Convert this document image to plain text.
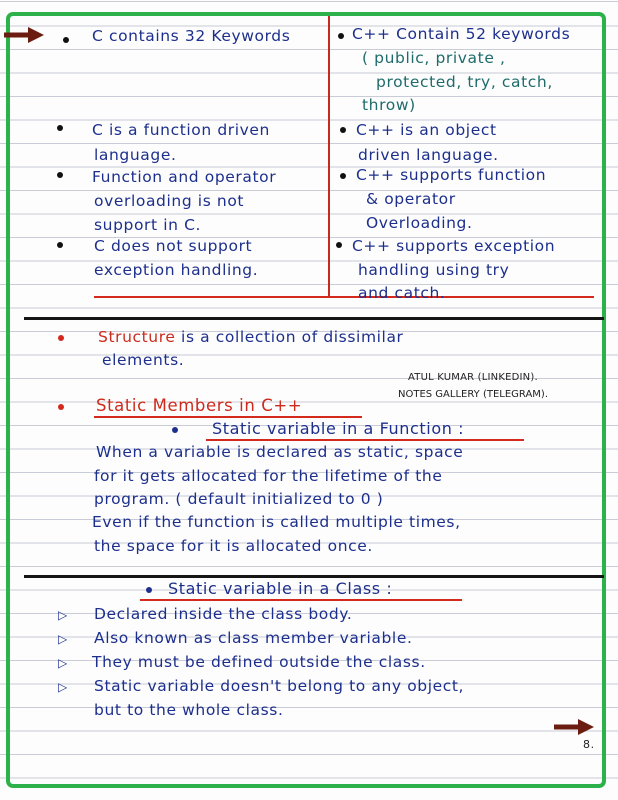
C contains 32 Keywords
C is a function driven
language.
Function and operator
overloading is not
support in C.
C does not support
exception handling.
C++ Contain 52 keywords
( public, private ,
protected, try, catch,
throw)
C++ is an object
driven language.
C++ supports function
& operator
Overloading.
C++ supports exception
handling using try
and catch.
Structure is a collection of dissimilar
elements.
ATUL KUMAR (LINKEDIN).
NOTES GALLERY (TELEGRAM).
Static Members in C++
Static variable in a Function :
When a variable is declared as static, space
for it gets allocated for the lifetime of the
program. ( default initialized to 0 )
Even if the function is called multiple times,
the space for it is allocated once.
Static variable in a Class :
▷ Declared inside the class body.
▷ Also known as class member variable.
▷ They must be defined outside the class.
▷ Static variable doesn't belong to any object,
but to the whole class.
8.
